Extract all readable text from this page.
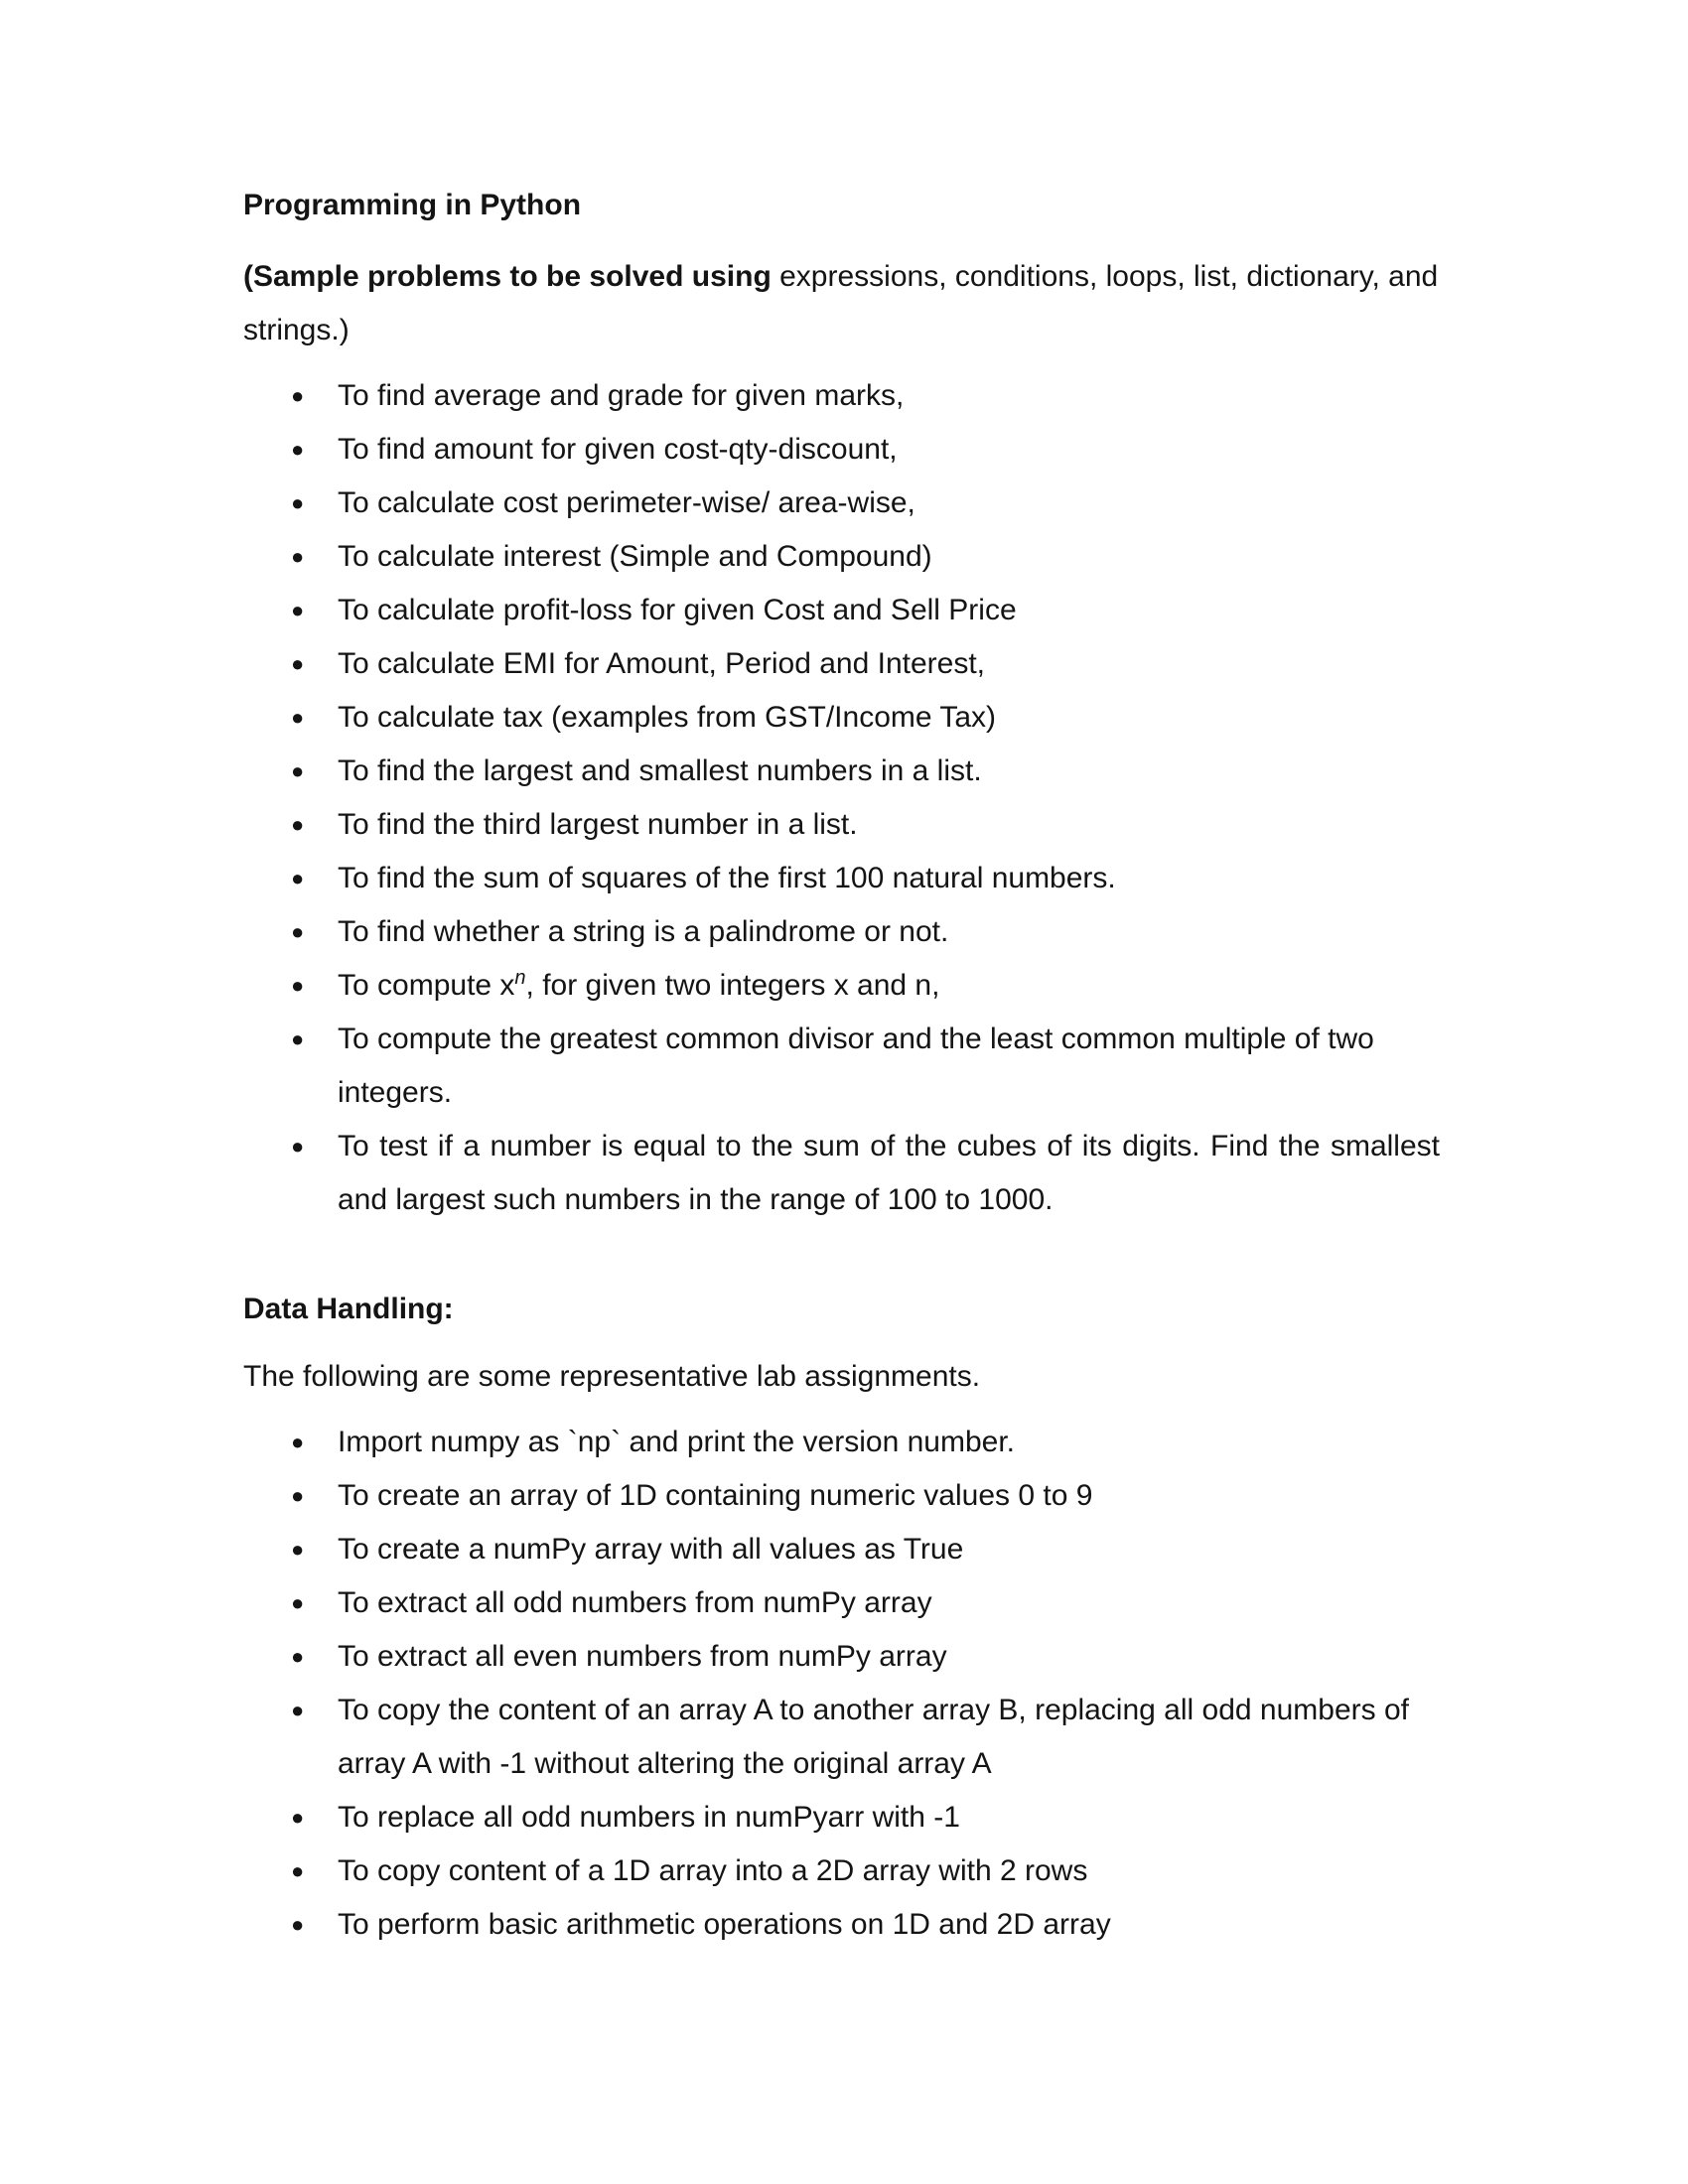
Programming in Python

(Sample problems to be solved using expressions, conditions, loops, list, dictionary, and strings.)

● To find average and grade for given marks,
● To find amount for given cost-qty-discount,
● To calculate cost perimeter-wise/ area-wise,
● To calculate interest (Simple and Compound)
● To calculate profit-loss for given Cost and Sell Price
● To calculate EMI for Amount, Period and Interest,
● To calculate tax (examples from GST/Income Tax)
● To find the largest and smallest numbers in a list.
● To find the third largest number in a list.
● To find the sum of squares of the first 100 natural numbers.
● To find whether a string is a palindrome or not.
● To compute $x^n$, for given two integers x and n,
● To compute the greatest common divisor and the least common multiple of two integers.
● To test if a number is equal to the sum of the cubes of its digits. Find the smallest and largest such numbers in the range of 100 to 1000.

Data Handling:

The following are some representative lab assignments.

● Import numpy as `np` and print the version number.
● To create an array of 1D containing numeric values 0 to 9
● To create a numPy array with all values as True
● To extract all odd numbers from numPy array
● To extract all even numbers from numPy array
● To copy the content of an array A to another array B, replacing all odd numbers of array A with -1 without altering the original array A
● To replace all odd numbers in numPyarr with -1
● To copy content of a 1D array into a 2D array with 2 rows
● To perform basic arithmetic operations on 1D and 2D array
